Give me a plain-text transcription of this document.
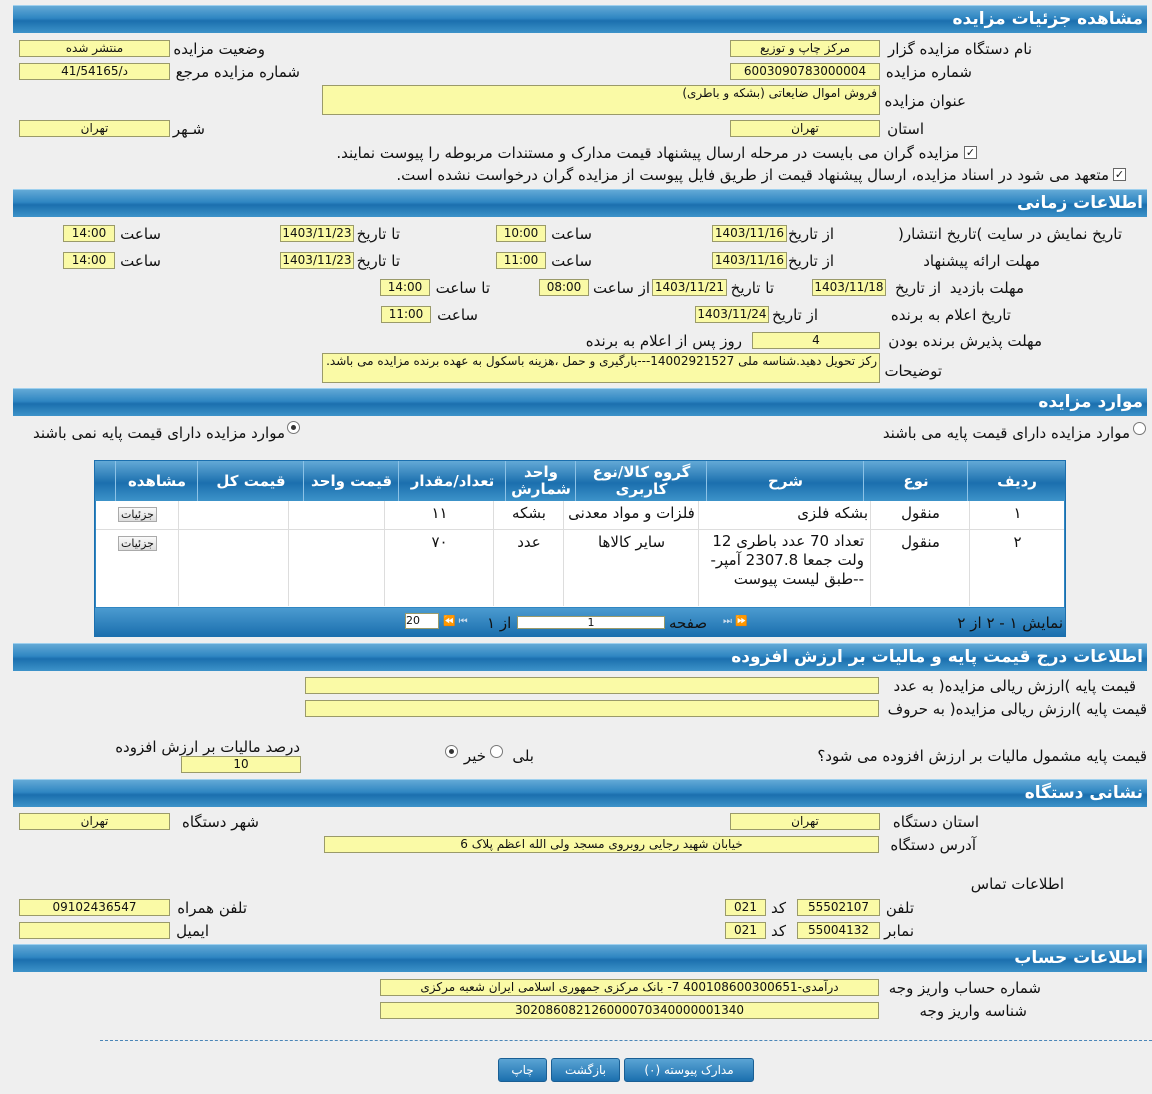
مشاهده جزئیات مزایده
نام دستگاه مزایده گزار
مرکز چاپ و توزیع
وضعیت مزایده
منتشر شده
شماره مزایده
6003090783000004
شماره مزایده مرجع
41/54165/د
عنوان مزایده
فروش اموال ضایعاتی (بشکه و باطری)
استان
تهران
شـهر
تهران
✓
مزایده گران می بایست در مرحله ارسال پیشنهاد قیمت مدارک و مستندات مربوطه را پیوست نمایند.
✓
متعهد می شود در اسناد مزایده، ارسال پیشنهاد قیمت از طریق فایل پیوست از مزایده گران درخواست نشده است.
اطلاعات زمانی
تاریخ نمایش در سایت )تاریخ انتشار(
از تاریخ
1403/11/16
ساعت
10:00
تا تاریخ
1403/11/23
ساعت
14:00
مهلت ارائه پیشنهاد
از تاریخ
1403/11/16
ساعت
11:00
تا تاریخ
1403/11/23
ساعت
14:00
مهلت بازدید
از تاریخ
1403/11/18
تا تاریخ
1403/11/21
از ساعت
08:00
تا ساعت
14:00
تاریخ اعلام به برنده
از تاریخ
1403/11/24
ساعت
11:00
مهلت پذیرش برنده بودن
4
روز پس از اعلام به برنده
توضیحات
رکز تحویل دهید.شناسه ملی 14002921527---بارگیری و حمل ،هزینه باسکول به عهده برنده مزایده می باشد.
موارد مزایده
موارد مزایده دارای قیمت پایه می باشند
موارد مزایده دارای قیمت پایه نمی باشند
ردیف
نوع
شرح
گروه کالا/نوع کاربری
واحد شمارش
تعداد/مقدار
قیمت واحد
قیمت کل
مشاهده
۱
منقول
بشکه فلزی
فلزات و مواد معدنی
بشکه
۱۱
جزئیات
۲
منقول
تعداد 70 عدد باطری 12 ولت جمعا 2307.8 آمپر---طبق لیست پیوست
سایر کالاها
عدد
۷۰
جزئیات
نمایش ۱ - ۲ از ۲
⏭ ⏩
صفحه
1
از ۱
⏪ ⏮
20
اطلاعات درج قیمت پایه و مالیات بر ارزش افزوده
قیمت پایه )ارزش ریالی مزایده( به عدد
قیمت پایه )ارزش ریالی مزایده( به حروف
قیمت پایه مشمول مالیات بر ارزش افزوده می شود؟
بلی
خیر
درصد مالیات بر ارزش افزوده
10
نشانی دستگاه
استان دستگاه
تهران
شهر دستگاه
تهران
آدرس دستگاه
خیابان شهید رجایی روبروی مسجد ولی الله اعظم پلاک 6
اطلاعات تماس
تلفن
55502107
کد
021
تلفن همراه
09102436547
نمابر
55004132
کد
021
ایمیل
اطلاعات حساب
شماره حساب واریز وجه
درآمدی-400108600300651 7- بانک مرکزی جمهوری اسلامی ایران شعبه مرکزی
شناسه واریز وجه
302086082126000070340000001340
مدارک پیوسته (۰)
بازگشت
چاپ
